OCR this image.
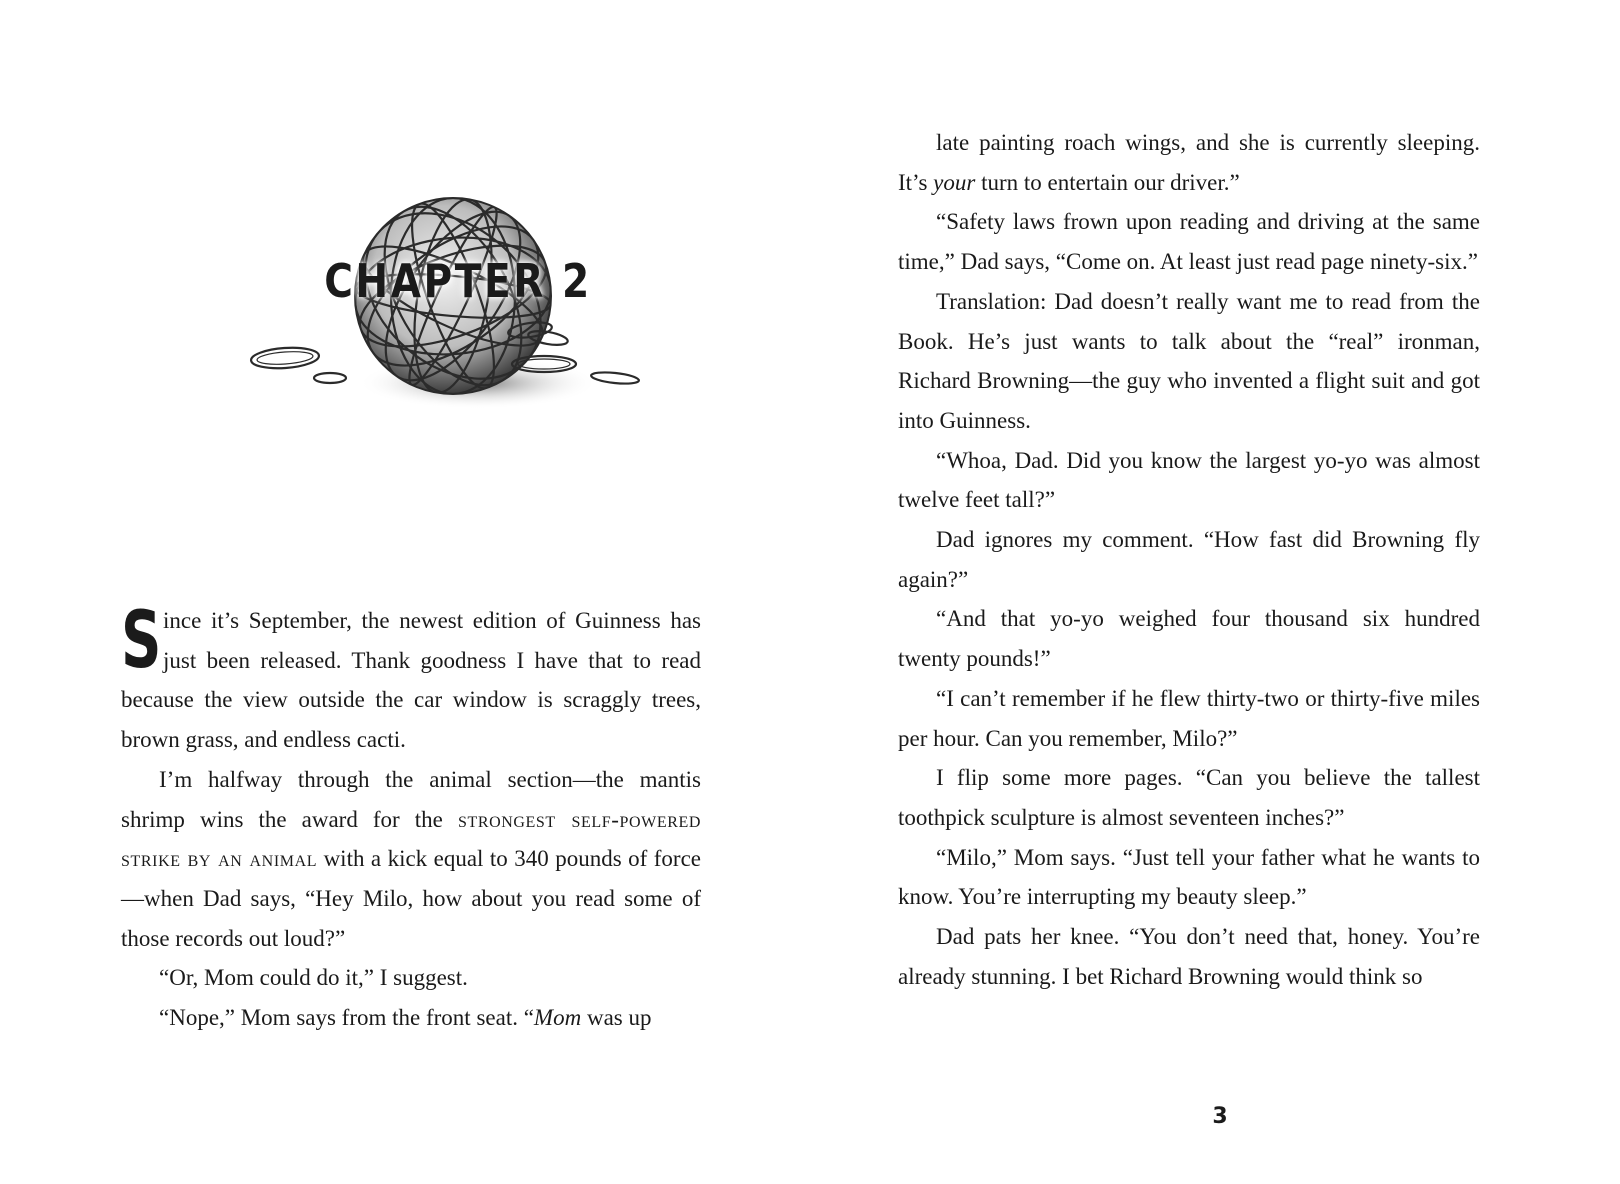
CHAPTER 2

Since it’s September, the newest edition of Guinness has just been released. Thank goodness I have that to read because the view outside the car window is scraggly trees, brown grass, and endless cacti.

I’m halfway through the animal section—the mantis shrimp wins the award for the strongest self-powered strike by an animal with a kick equal to 340 pounds of force—when Dad says, “Hey Milo, how about you read some of those records out loud?”

“Or, Mom could do it,” I suggest.

“Nope,” Mom says from the front seat. “Mom was up

late painting roach wings, and she is currently sleeping. It’s your turn to entertain our driver.”

“Safety laws frown upon reading and driving at the same time,” Dad says, “Come on. At least just read page ninety-six.”

Translation: Dad doesn’t really want me to read from the Book. He’s just wants to talk about the “real” ironman, Richard Browning—the guy who invented a flight suit and got into Guinness.

“Whoa, Dad. Did you know the largest yo-yo was almost twelve feet tall?”

Dad ignores my comment. “How fast did Browning fly again?”

“And that yo-yo weighed four thousand six hundred twenty pounds!”

“I can’t remember if he flew thirty-two or thirty-five miles per hour. Can you remember, Milo?”

I flip some more pages. “Can you believe the tallest toothpick sculpture is almost seventeen inches?”

“Milo,” Mom says. “Just tell your father what he wants to know. You’re interrupting my beauty sleep.”

Dad pats her knee. “You don’t need that, honey. You’re already stunning. I bet Richard Browning would think so

3
